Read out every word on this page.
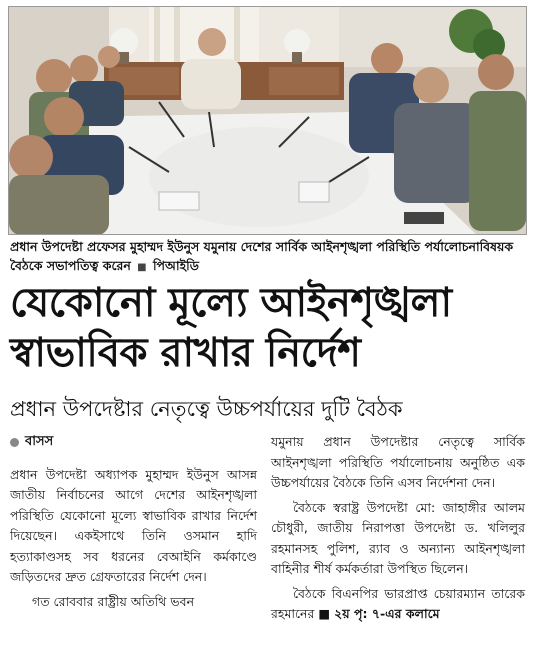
প্রধান উপদেষ্টা প্রফেসর মুহাম্মদ ইউনুস যমুনায় দেশের সার্বিক আইনশৃঙ্খলা পরিস্থিতি পর্যালোচনাবিষয়ক বৈঠকে সভাপতিত্ব করেন ■ পিআইডি
যেকোনো মূল্যে আইনশৃঙ্খলা
স্বাভাবিক রাখার নির্দেশ
প্রধান উপদেষ্টার নেতৃত্বে উচ্চপর্যায়ের দুটি বৈঠক
বাসস

প্রধান উপদেষ্টা অধ্যাপক মুহাম্মদ ইউনুস আসন্ন জাতীয় নির্বাচনের আগে দেশের আইনশৃঙ্খলা পরিস্থিতি যেকোনো মূল্যে স্বাভাবিক রাখার নির্দেশ দিয়েছেন। একইসাথে তিনি ওসমান হাদি হত্যাকাণ্ডসহ সব ধরনের বেআইনি কর্মকাণ্ডে জড়িতদের দ্রুত গ্রেফতারের নির্দেশ দেন।

গত রোববার রাষ্ট্রীয় অতিথি ভবন

যমুনায় প্রধান উপদেষ্টার নেতৃত্বে সার্বিক আইনশৃঙ্খলা পরিস্থিতি পর্যালোচনায় অনুষ্ঠিত এক উচ্চপর্যায়ের বৈঠকে তিনি এসব নির্দেশনা দেন।

বৈঠকে স্বরাষ্ট্র উপদেষ্টা মো: জাহাঙ্গীর আলম চৌধুরী, জাতীয় নিরাপত্তা উপদেষ্টা ড. খলিলুর রহমানসহ পুলিশ, র‍্যাব ও অন্যান্য আইনশৃঙ্খলা বাহিনীর শীর্ষ কর্মকর্তারা উপস্থিত ছিলেন।

বৈঠকে বিএনপির ভারপ্রাপ্ত চেয়ারম্যান তারেক রহমানের ■ ২য় পৃ: ৭-এর কলামে
